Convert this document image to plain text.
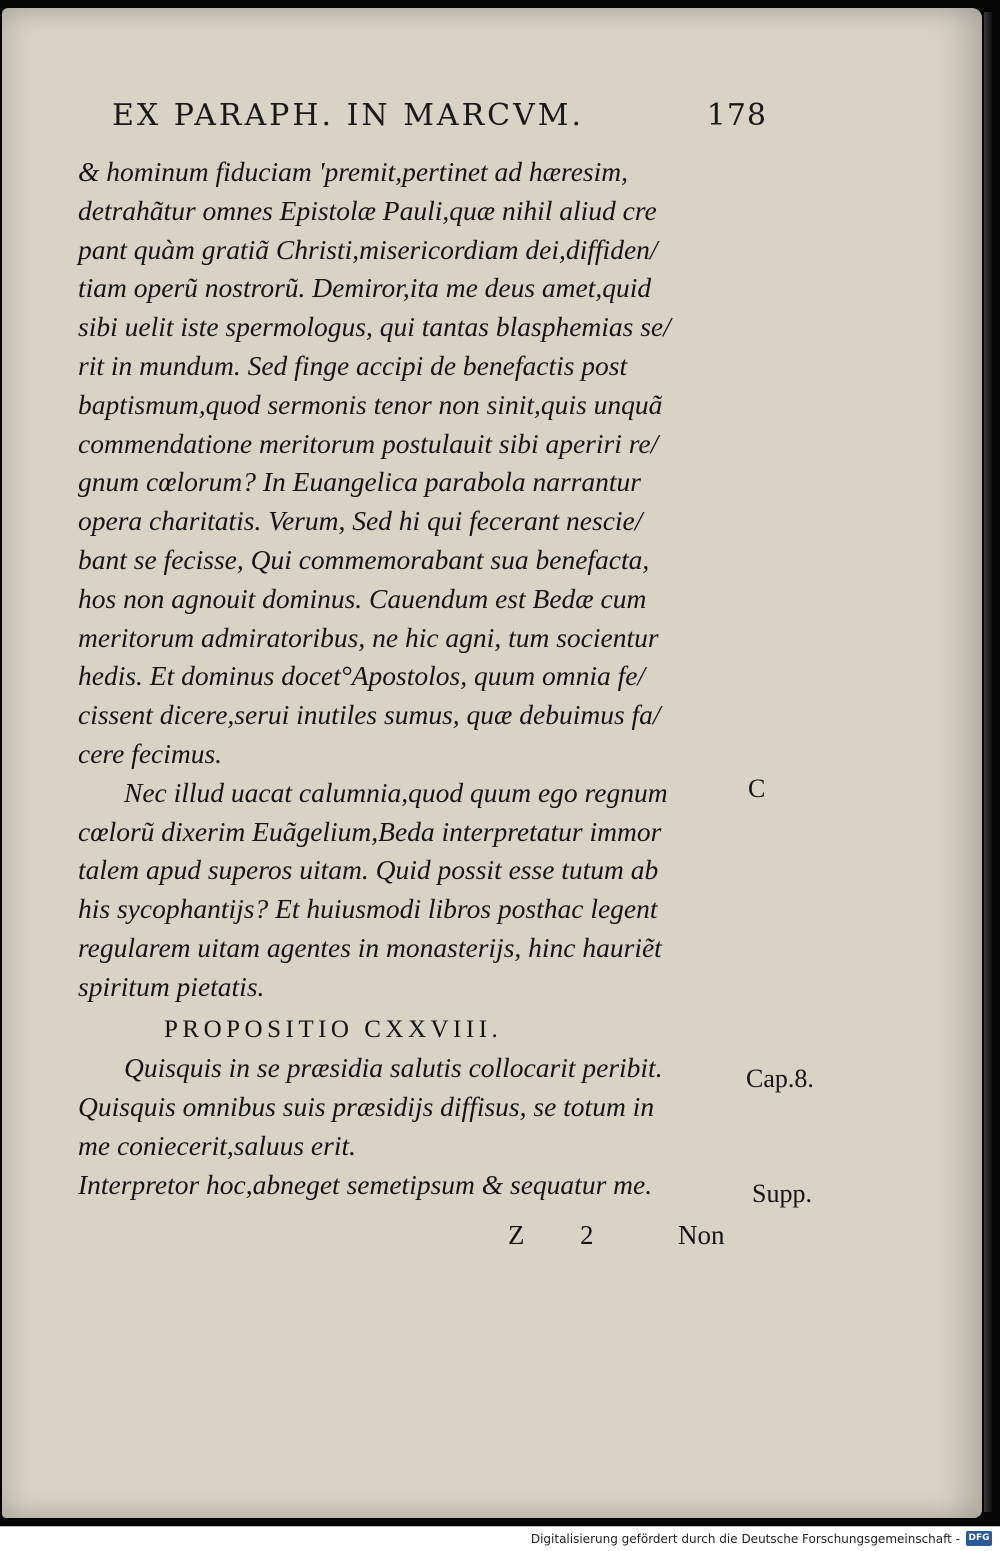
EX PARAPH. IN MARCVM.	178
& hominum fiduciam 'premit,pertinet ad hæresim,
detrahãtur omnes Epistolæ Pauli,quæ nihil aliud cre
pant quàm gratiã Christi,misericordiam dei,diffiden/
tiam operũ nostrorũ. Demiror,ita me deus amet,quid
sibi uelit iste spermologus, qui tantas blasphemias se/
rit in mundum. Sed finge accipi de benefactis post
baptismum,quod sermonis tenor non sinit,quis unquã
commendatione meritorum postulauit sibi aperiri re/
gnum cœlorum? In Euangelica parabola narrantur
opera charitatis. Verum, Sed hi qui fecerant nescie/
bant se fecisse, Qui commemorabant sua benefacta,
hos non agnouit dominus. Cauendum est Bedæ cum
meritorum admiratoribus, ne hic agni, tum socientur
hedis. Et dominus docet°Apostolos, quum omnia fe/
cissent dicere,serui inutiles sumus, quæ debuimus fa/
cere fecimus.
Nec illud uacat calumnia,quod quum ego regnum
cœlorũ dixerim Euãgelium,Beda interpretatur immor
talem apud superos uitam. Quid possit esse tutum ab
his sycophantijs? Et huiusmodi libros posthac legent
regularem uitam agentes in monasterijs, hinc hauriẽt
spiritum pietatis.
PROPOSITIO CXXVIII.
Quisquis in se præsidia salutis collocarit peribit.
Quisquis omnibus suis præsidijs diffisus, se totum in
me coniecerit,saluus erit.
Interpretor hoc,abneget semetipsum & sequatur me.
C
Cap.8.
Supp.
Z 2	Non
Digitalisierung gefördert durch die Deutsche Forschungsgemeinschaft - DFG
